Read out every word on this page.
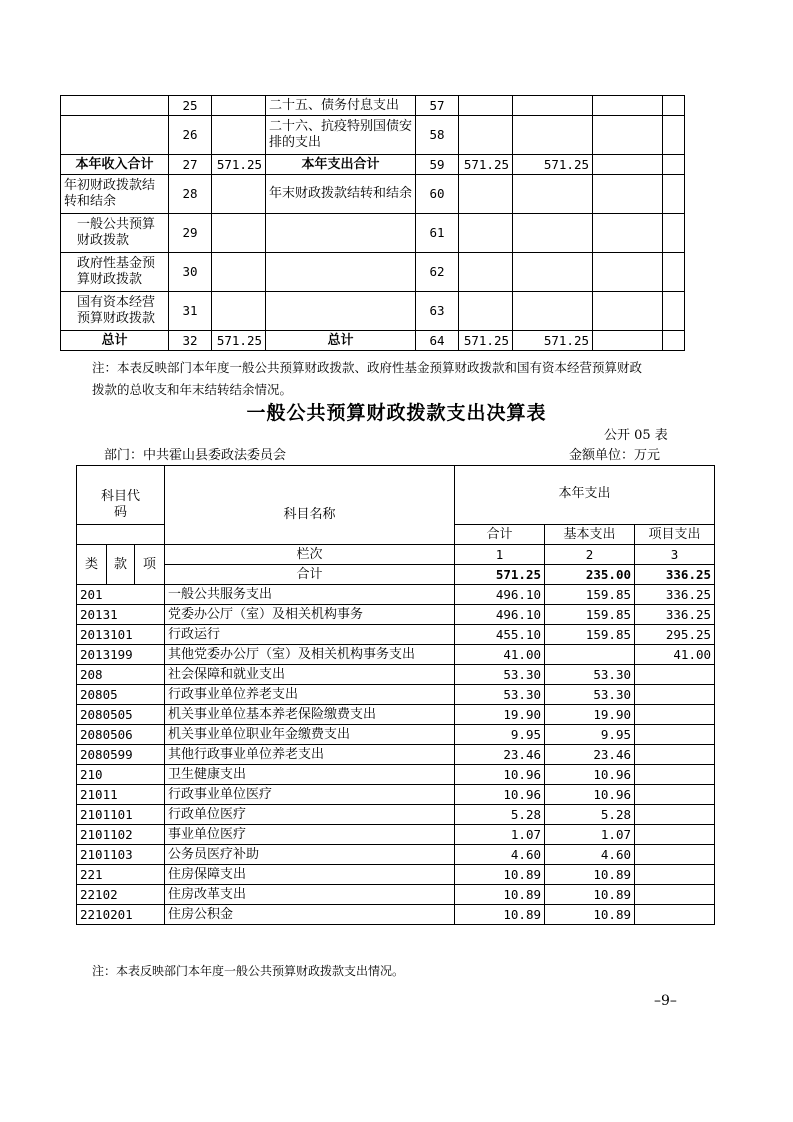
	25		二十五、债务付息支出	57				
	26		二十六、抗疫特别国债安排的支出	58				
本年收入合计	27	571.25	本年支出合计	59	571.25	571.25		
年初财政拨款结转和结余	28		年末财政拨款结转和结余	60				
一般公共预算财政拨款	29			61				
政府性基金预算财政拨款	30			62				
国有资本经营预算财政拨款	31			63				
总计	32	571.25	总计	64	571.25	571.25		
注：本表反映部门本年度一般公共预算财政拨款、政府性基金预算财政拨款和国有资本经营预算财政
拨款的总收支和年末结转结余情况。
一般公共预算财政拨款支出决算表
公开 05 表
部门：中共霍山县委政法委员会	金额单位：万元

科目代码			科目名称	本年支出		
				合计	基本支出	项目支出
类	款	项	栏次	1	2	3
			合计	571.25	235.00	336.25
201			一般公共服务支出	496.10	159.85	336.25
20131			党委办公厅（室）及相关机构事务	496.10	159.85	336.25
2013101			行政运行	455.10	159.85	295.25
2013199			其他党委办公厅（室）及相关机构事务支出	41.00		41.00
208			社会保障和就业支出	53.30	53.30	
20805			行政事业单位养老支出	53.30	53.30	
2080505			机关事业单位基本养老保险缴费支出	19.90	19.90	
2080506			机关事业单位职业年金缴费支出	9.95	9.95	
2080599			其他行政事业单位养老支出	23.46	23.46	
210			卫生健康支出	10.96	10.96	
21011			行政事业单位医疗	10.96	10.96	
2101101			行政单位医疗	5.28	5.28	
2101102			事业单位医疗	1.07	1.07	
2101103			公务员医疗补助	4.60	4.60	
221			住房保障支出	10.89	10.89	
22102			住房改革支出	10.89	10.89	
2210201			住房公积金	10.89	10.89	
注：本表反映部门本年度一般公共预算财政拨款支出情况。
–9–
